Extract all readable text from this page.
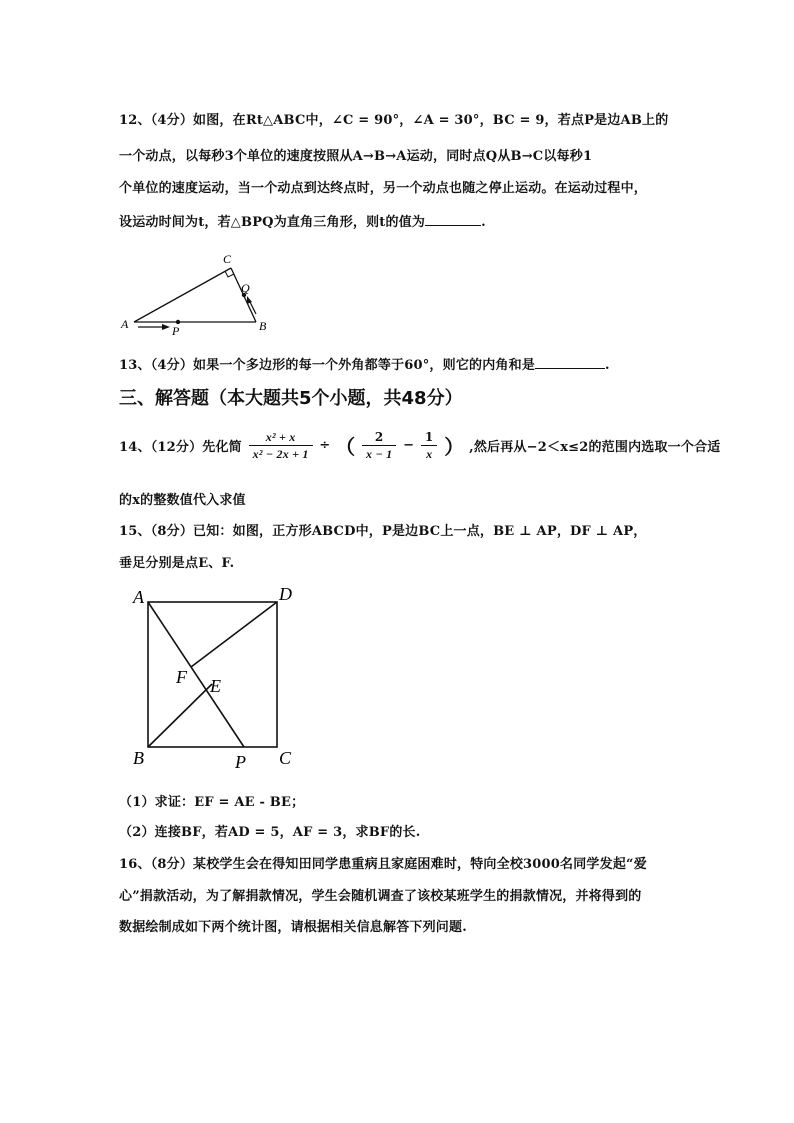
12、（4分）如图，在Rt△ABC中，∠C = 90°，∠A = 30°，BC = 9，若点P是边AB上的
一个动点，以每秒3个单位的速度按照从A→B→A运动，同时点Q从B→C以每秒1
个单位的速度运动，当一个动点到达终点时，另一个动点也随之停止运动。在运动过程中，
设运动时间为t，若△BPQ为直角三角形，则t的值为	.
A	B
C
P
Q
13、（4分）如果一个多边形的每一个外角都等于60°，则它的内角和是	.
三、解答题（本大题共5个小题，共48分）
14、（12分）先化简 $\frac{\text{x² + x}}{\text{x² − 2x + 1}}$ ÷ （ $\frac{2}{x - 1} - \frac{1}{x}$ ） ,然后再从−2＜x≤2的范围内选取一个合适
的x的整数值代入求值
15、（8分）已知：如图，正方形ABCD中，P是边BC上一点，BE ⊥ AP，DF ⊥ AP，
垂足分别是点E、F.
A	D
B	C
P
F E
（1）求证：EF = AE - BE；
（2）连接BF，若AD = 5，AF = 3，求BF的长.
16、（8分）某校学生会在得知田同学患重病且家庭困难时，特向全校3000名同学发起“爱
心”捐款活动，为了解捐款情况，学生会随机调查了该校某班学生的捐款情况，并将得到的
数据绘制成如下两个统计图，请根据相关信息解答下列问题.
